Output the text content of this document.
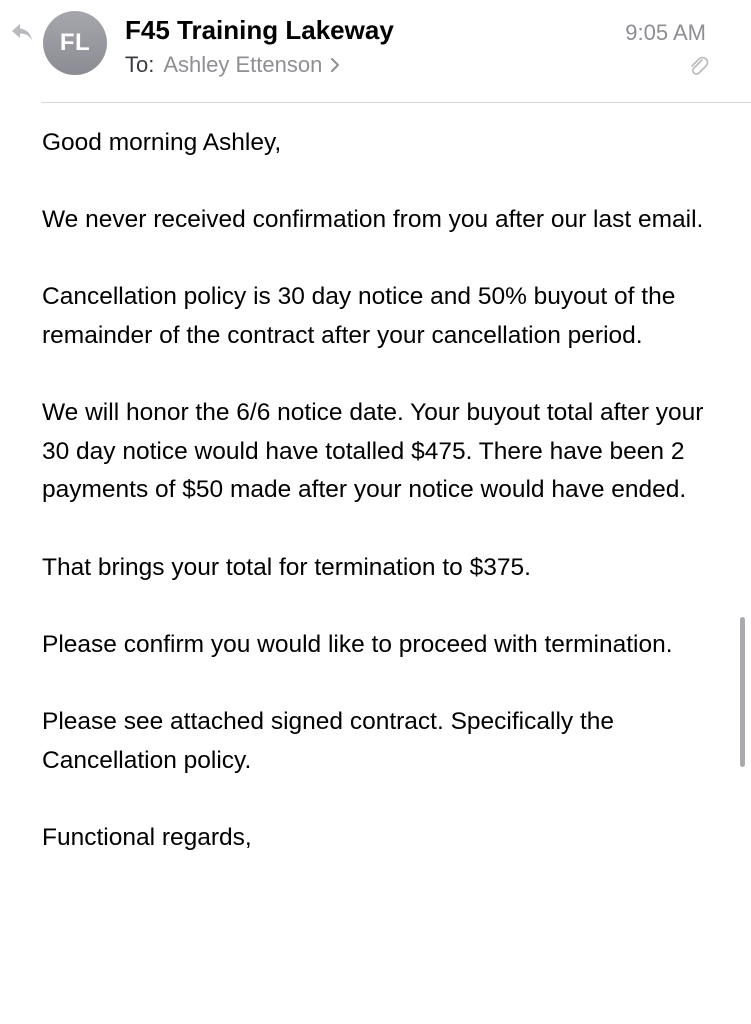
FL F45 Training Lakeway
To: Ashley Ettenson
9:05 AM

Good morning Ashley,

We never received confirmation from you after our last email.

Cancellation policy is 30 day notice and 50% buyout of the remainder of the contract after your cancellation period.

We will honor the 6/6 notice date. Your buyout total after your 30 day notice would have totalled $475. There have been 2 payments of $50 made after your notice would have ended.

That brings your total for termination to $375.

Please confirm you would like to proceed with termination.

Please see attached signed contract. Specifically the Cancellation policy.

Functional regards,
